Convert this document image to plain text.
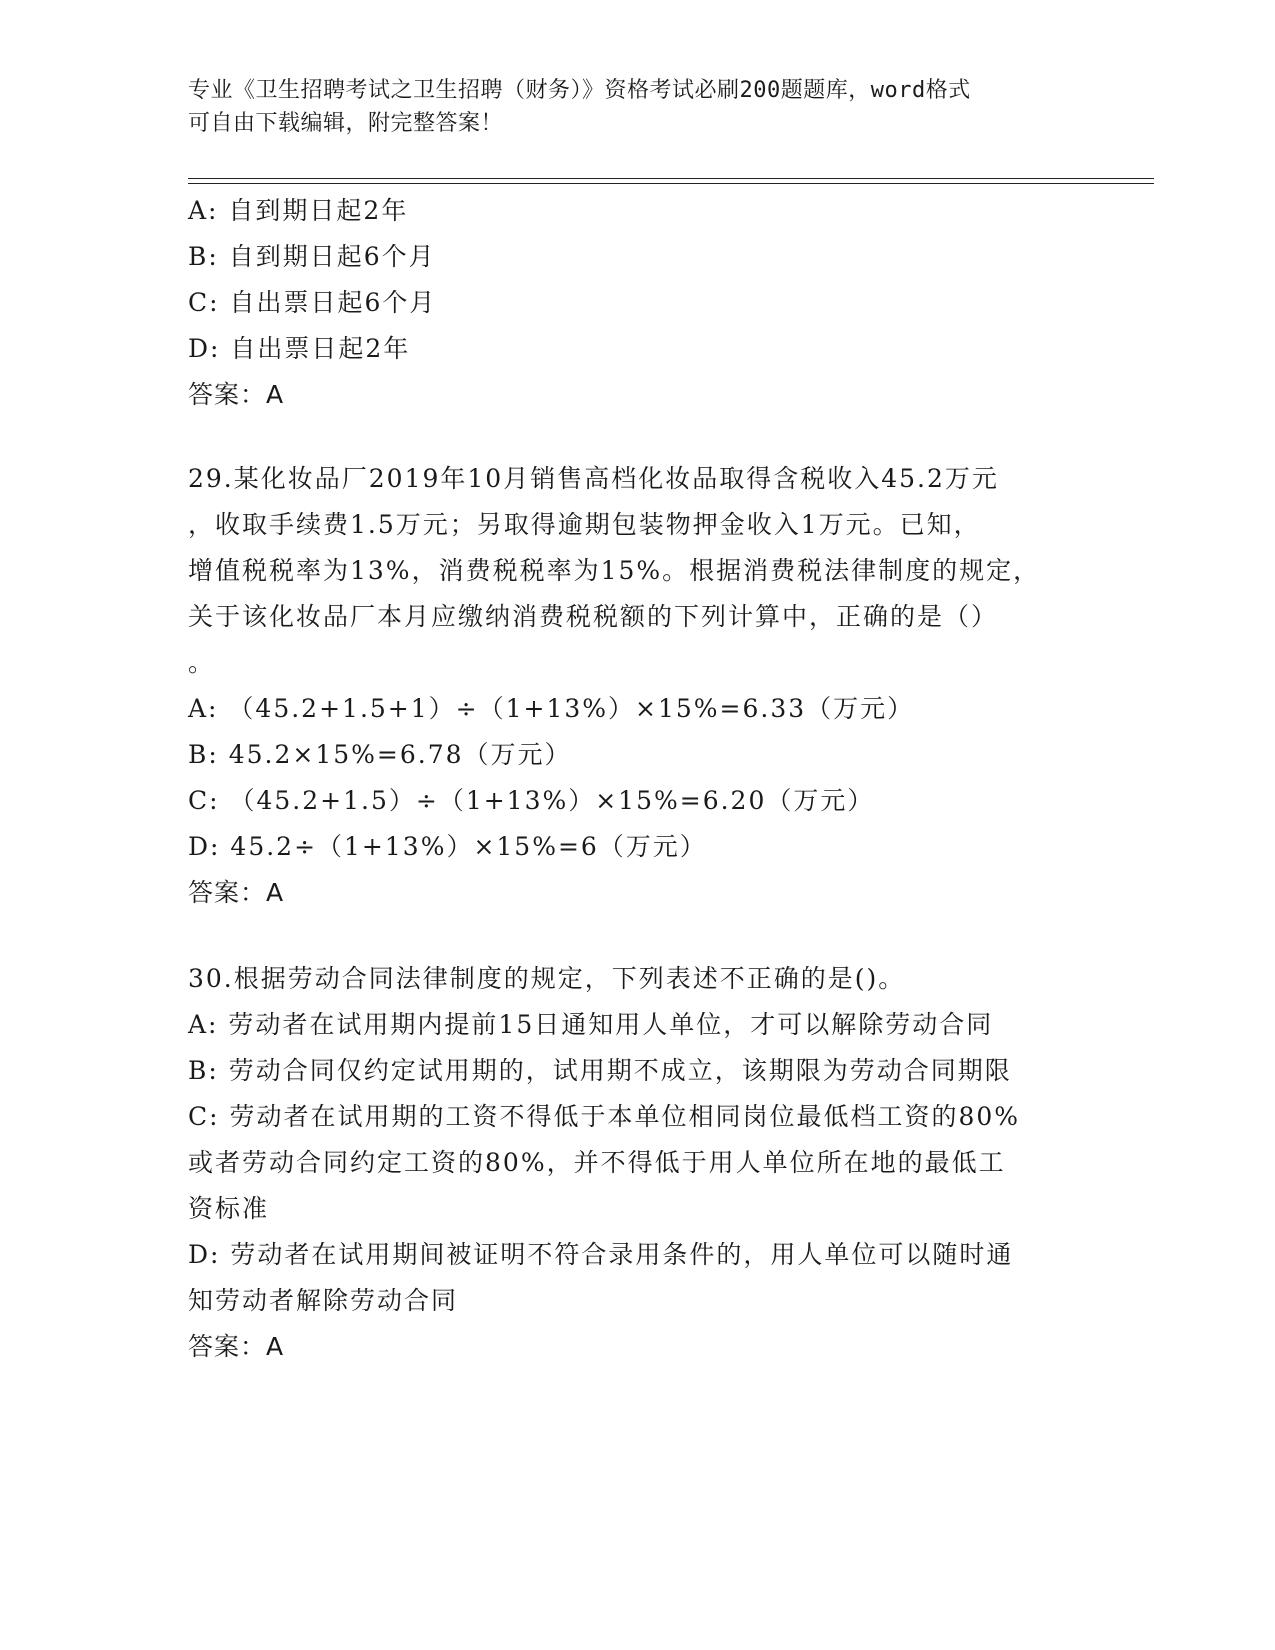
专业《卫生招聘考试之卫生招聘（财务）》资格考试必刷200题题库，word格式
可自由下载编辑，附完整答案！
A: 自到期日起2年
B: 自到期日起6个月
C: 自出票日起6个月
D: 自出票日起2年
答案：A
29.某化妆品厂2019年10月销售高档化妆品取得含税收入45.2万元
，收取手续费1.5万元；另取得逾期包装物押金收入1万元。已知，
增值税税率为13%，消费税税率为15%。根据消费税法律制度的规定，
关于该化妆品厂本月应缴纳消费税税额的下列计算中，正确的是（）
。
A: （45.2+1.5+1）÷（1+13%）×15%=6.33（万元）
B: 45.2×15%=6.78（万元）
C: （45.2+1.5）÷（1+13%）×15%=6.20（万元）
D: 45.2÷（1+13%）×15%=6（万元）
答案：A
30.根据劳动合同法律制度的规定，下列表述不正确的是()。
A: 劳动者在试用期内提前15日通知用人单位，才可以解除劳动合同
B: 劳动合同仅约定试用期的，试用期不成立，该期限为劳动合同期限
C: 劳动者在试用期的工资不得低于本单位相同岗位最低档工资的80%
或者劳动合同约定工资的80%，并不得低于用人单位所在地的最低工
资标准
D: 劳动者在试用期间被证明不符合录用条件的，用人单位可以随时通
知劳动者解除劳动合同
答案：A
